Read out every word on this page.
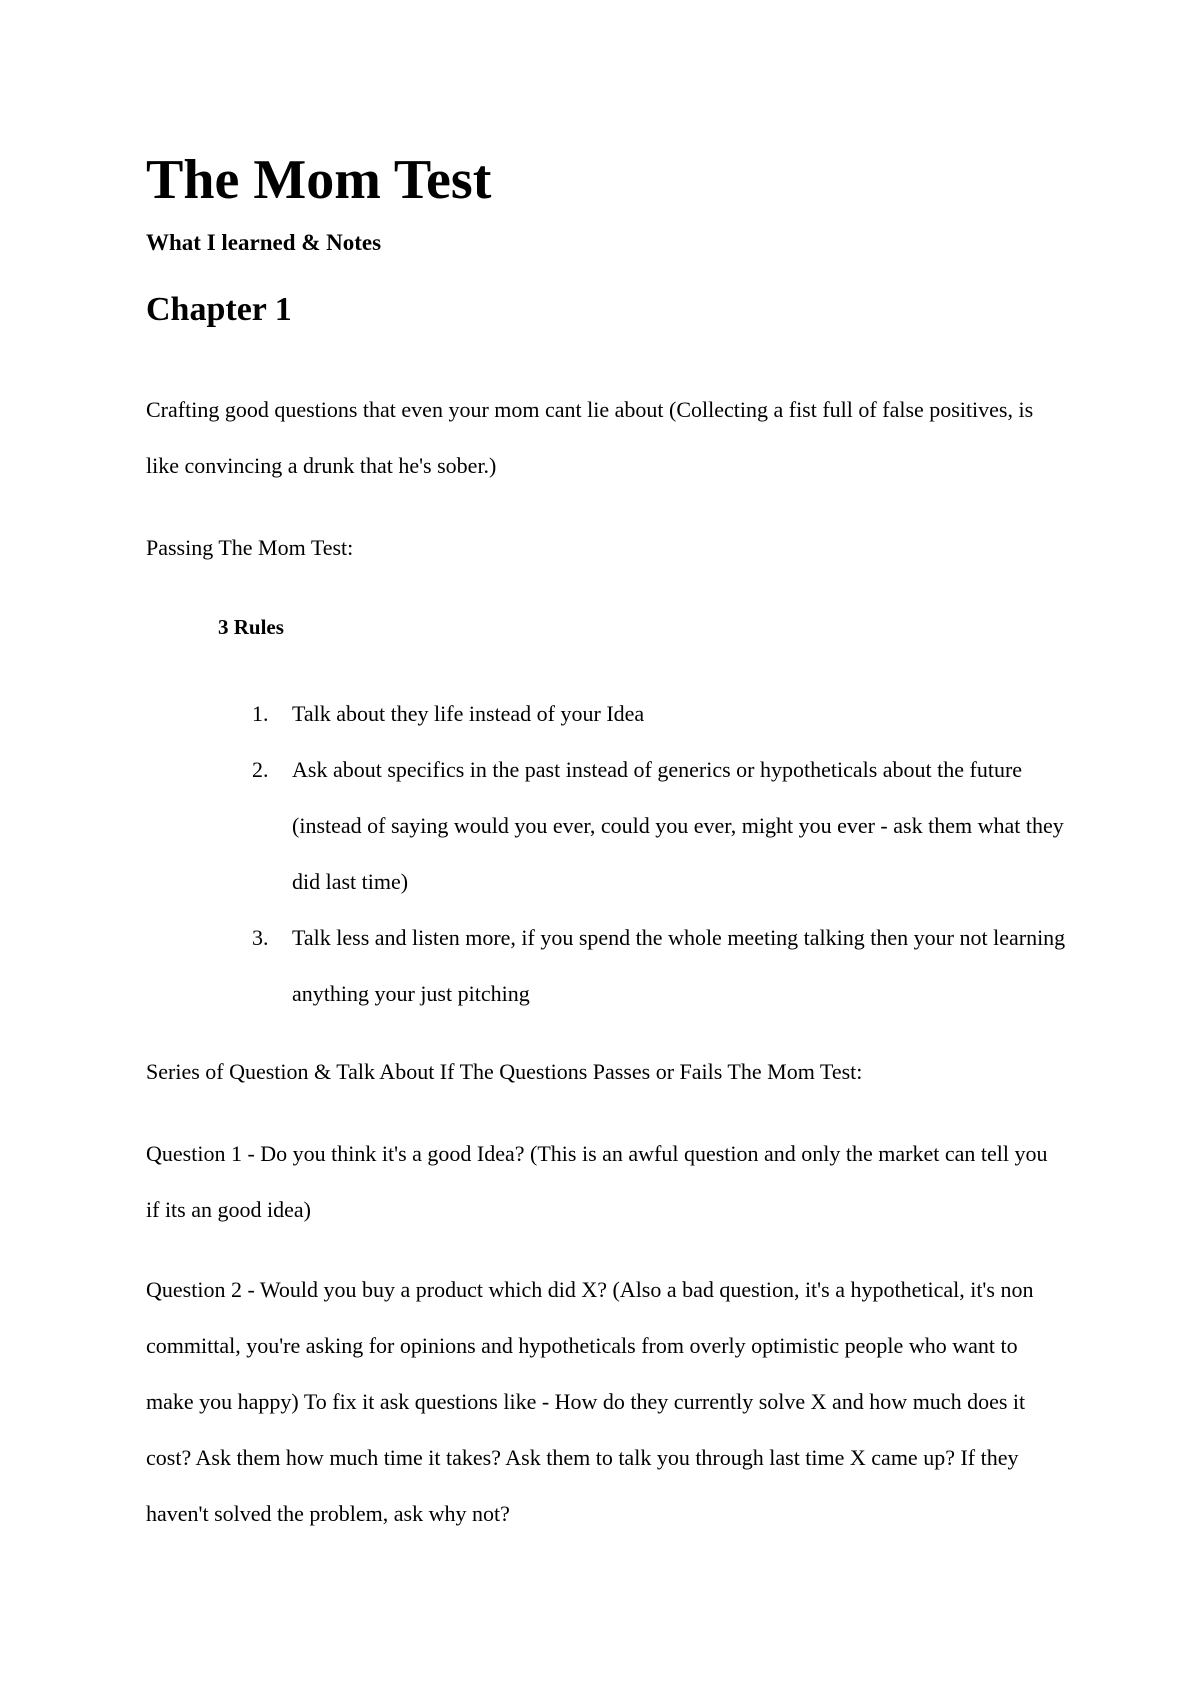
The Mom Test
What I learned & Notes
Chapter 1

Crafting good questions that even your mom cant lie about (Collecting a fist full of false positives, is like convincing a drunk that he's sober.)

Passing The Mom Test:

3 Rules
1. Talk about they life instead of your Idea
2. Ask about specifics in the past instead of generics or hypotheticals about the future (instead of saying would you ever, could you ever, might you ever - ask them what they did last time)
3. Talk less and listen more, if you spend the whole meeting talking then your not learning anything your just pitching

Series of Question & Talk About If The Questions Passes or Fails The Mom Test:

Question 1 - Do you think it's a good Idea? (This is an awful question and only the market can tell you if its an good idea)

Question 2 - Would you buy a product which did X? (Also a bad question, it's a hypothetical, it's non committal, you're asking for opinions and hypotheticals from overly optimistic people who want to make you happy) To fix it ask questions like - How do they currently solve X and how much does it cost? Ask them how much time it takes? Ask them to talk you through last time X came up? If they haven't solved the problem, ask why not?
